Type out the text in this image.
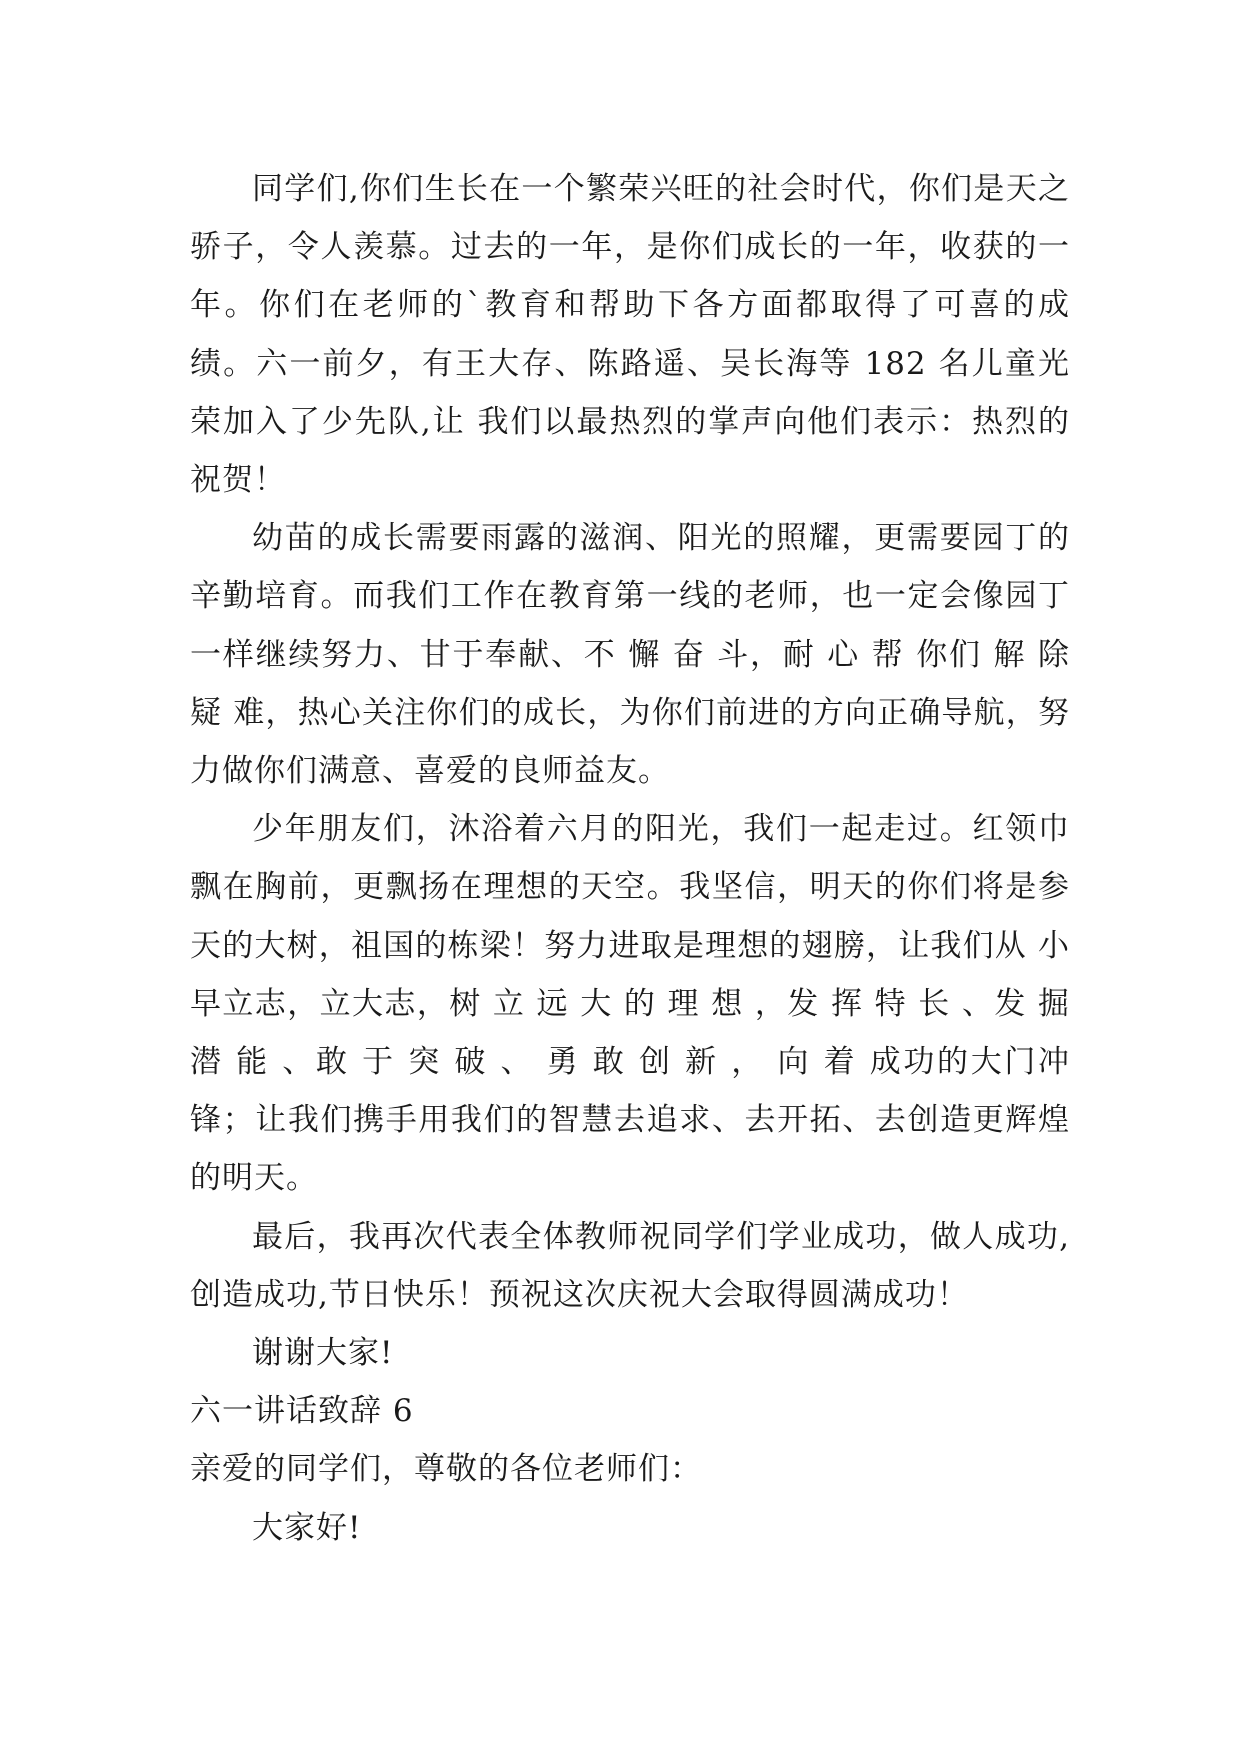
同学们,你们生长在一个繁荣兴旺的社会时代，你们是天之骄子，令人羡慕。过去的一年，是你们成长的一年，收获的一年。你们在老师的`教育和帮助下各方面都取得了可喜的成绩。六一前夕，有王大存、陈路遥、吴长海等 182 名儿童光荣加入了少先队,让 我们以最热烈的掌声向他们表示：热烈的祝贺！

幼苗的成长需要雨露的滋润、阳光的照耀，更需要园丁的辛勤培育。而我们工作在教育第一线的老师，也一定会像园丁一样继续努力、甘于奉献、不 懈 奋 斗，耐 心 帮 你们 解 除 疑 难，热心关注你们的成长，为你们前进的方向正确导航，努力做你们满意、喜爱的良师益友。

少年朋友们，沐浴着六月的阳光，我们一起走过。红领巾飘在胸前，更飘扬在理想的天空。我坚信，明天的你们将是参天的大树，祖国的栋梁！努力进取是理想的翅膀，让我们从 小早立志，立大志，树 立 远 大 的 理 想 ，发 挥 特 长 、发 掘 潜 能 、敢 于 突 破 、 勇 敢 创 新 ， 向 着 成功的大门冲锋；让我们携手用我们的智慧去追求、去开拓、去创造更辉煌的明天。

最后，我再次代表全体教师祝同学们学业成功，做人成功,创造成功,节日快乐！预祝这次庆祝大会取得圆满成功！

谢谢大家!

六一讲话致辞 6

亲爱的同学们，尊敬的各位老师们：

大家好!
